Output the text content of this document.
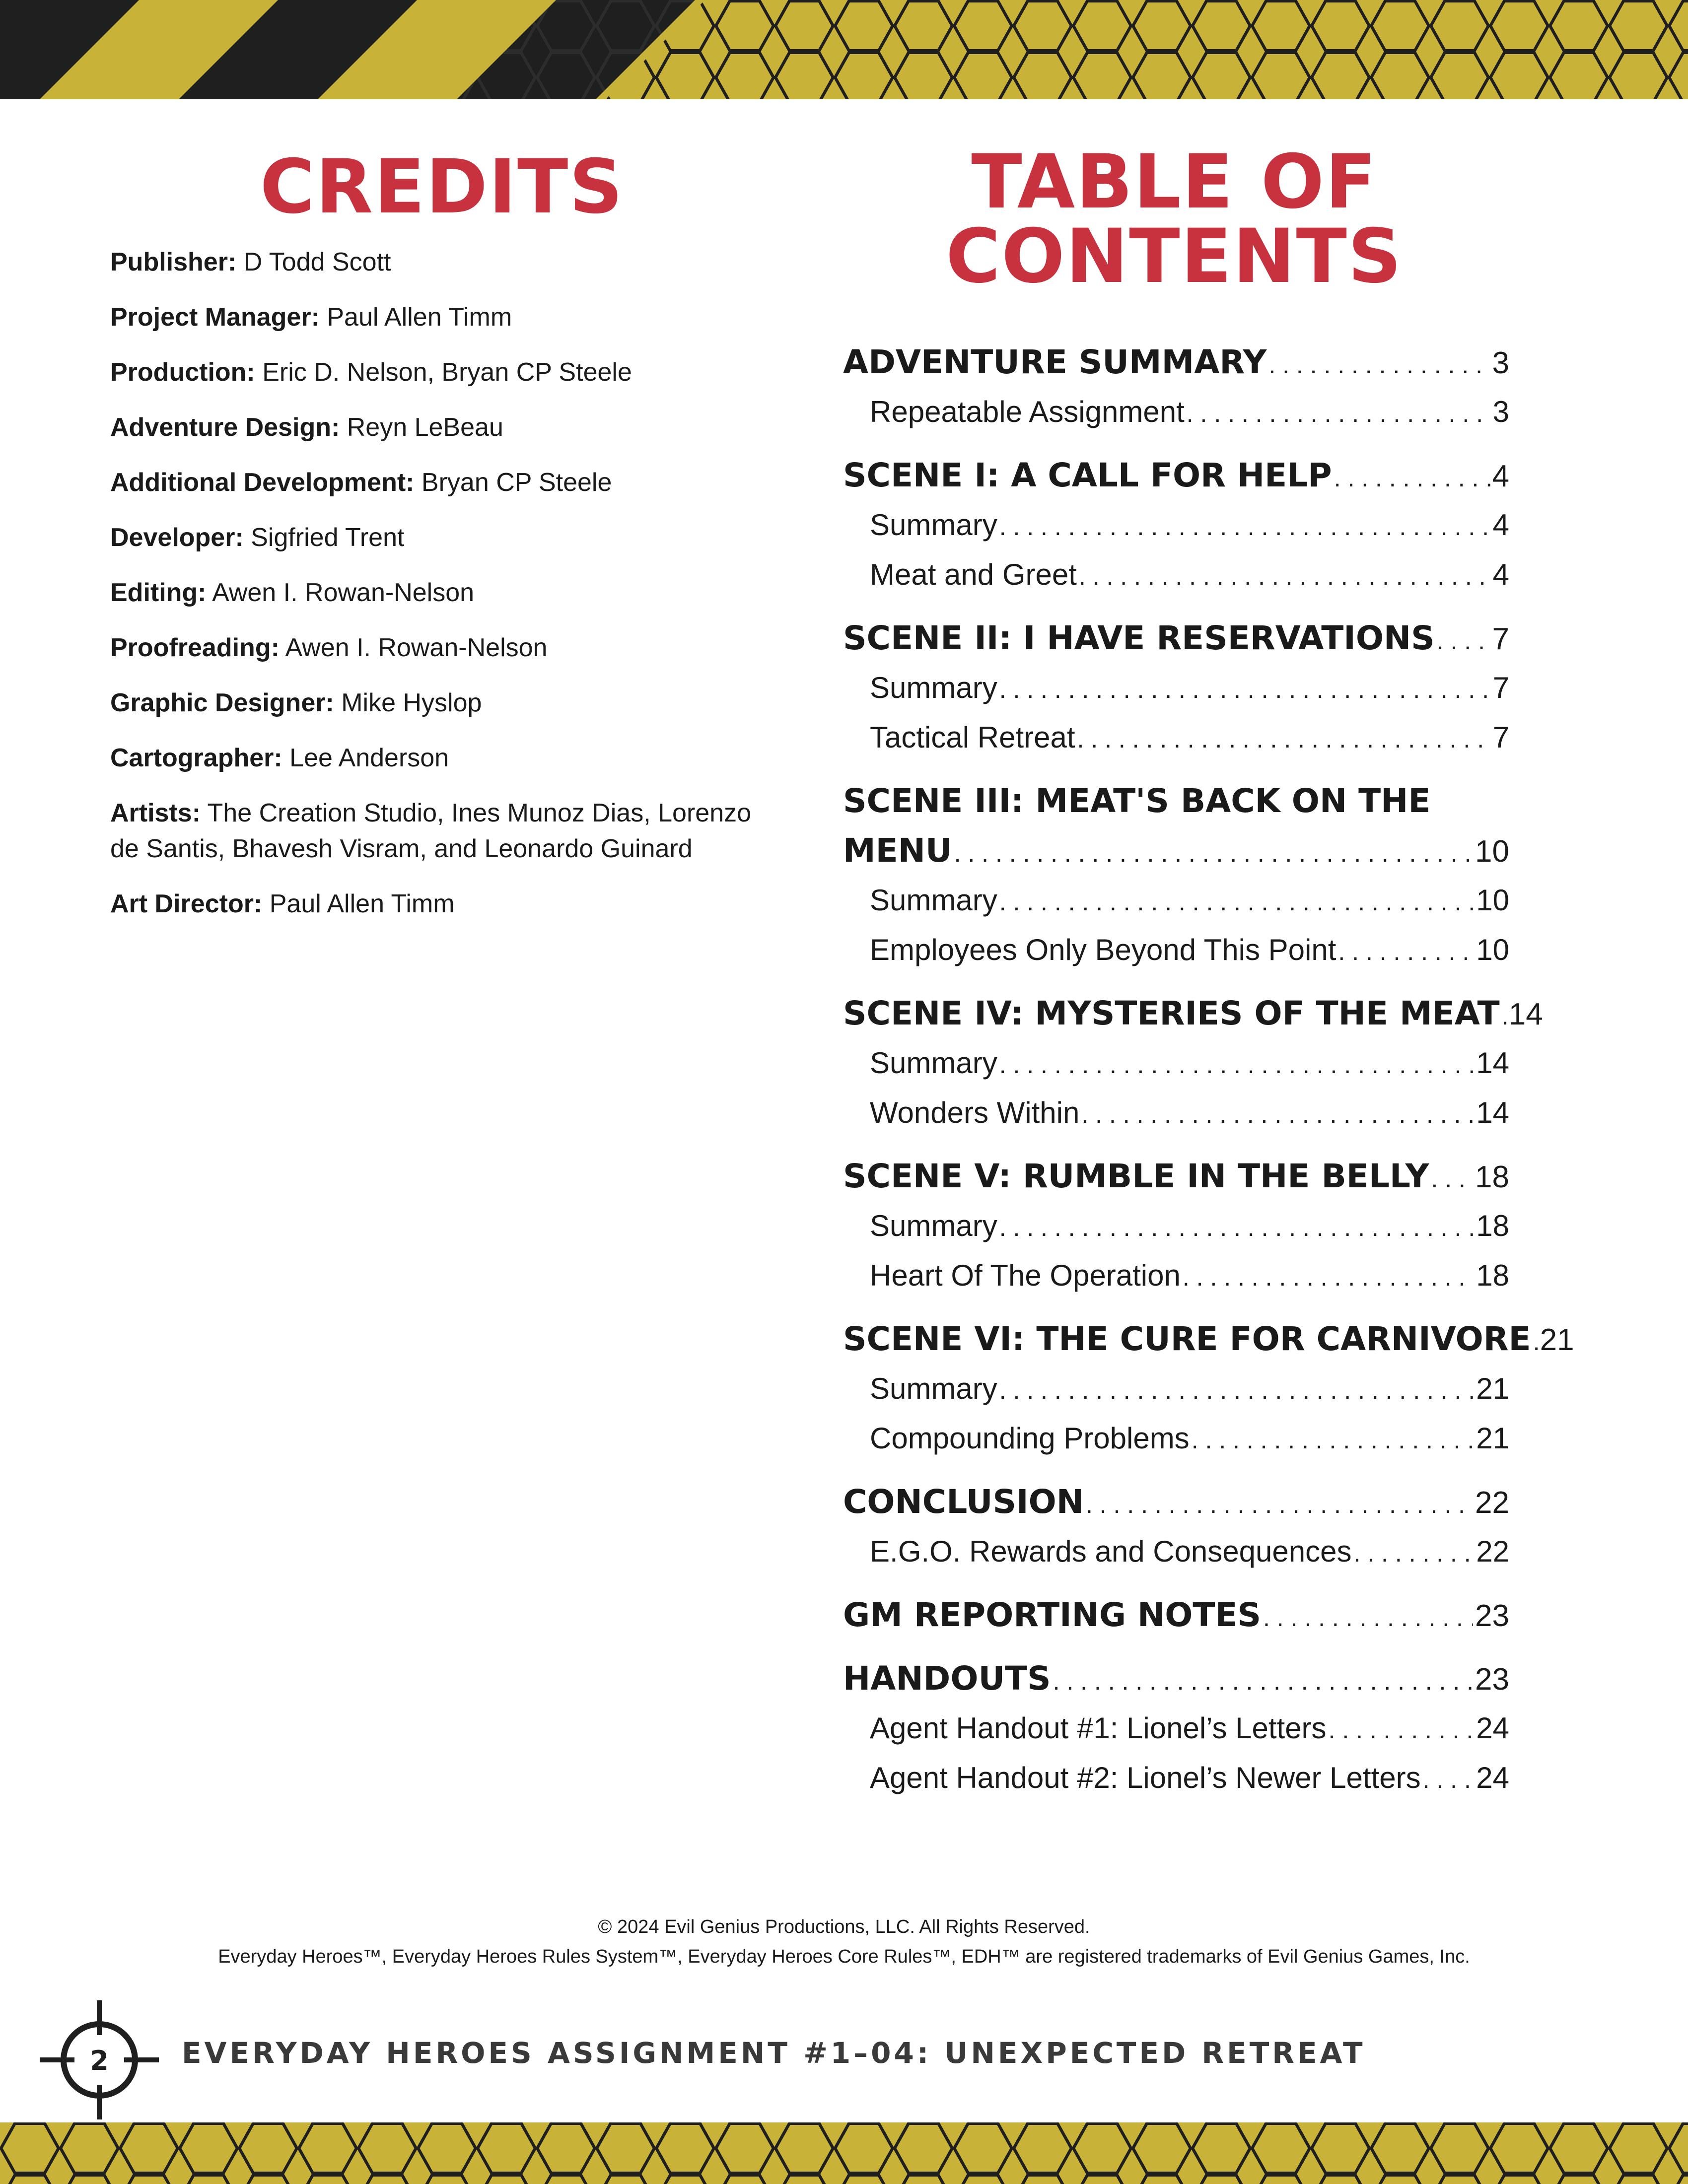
CREDITS
Publisher: D Todd Scott
Project Manager: Paul Allen Timm
Production: Eric D. Nelson, Bryan CP Steele
Adventure Design: Reyn LeBeau
Additional Development: Bryan CP Steele
Developer: Sigfried Trent
Editing: Awen I. Rowan-Nelson
Proofreading: Awen I. Rowan-Nelson
Graphic Designer: Mike Hyslop
Cartographer: Lee Anderson
Artists: The Creation Studio, Ines Munoz Dias, Lorenzo de Santis, Bhavesh Visram, and Leonardo Guinard
Art Director: Paul Allen Timm
TABLE OF
CONTENTS
ADVENTURE SUMMARY . . .	3
Repeatable Assignment . . .	3
SCENE I: A CALL FOR HELP . . .	4
Summary . . .	4
Meat and Greet . . .	4
SCENE II: I HAVE RESERVATIONS . . . 7
Summary . . .	7
Tactical Retreat . . .	7
SCENE III: MEAT'S BACK ON THE
MENU . . .	10
Summary . . .	10
Employees Only Beyond This Point . . .	10
SCENE IV: MYSTERIES OF THE MEAT . . . 14
Summary . . .	14
Wonders Within . . .	14
SCENE V: RUMBLE IN THE BELLY . . . 18
Summary . . .	18
Heart Of The Operation . . .	18
SCENE VI: THE CURE FOR CARNIVORE . . . 21
Summary . . .	21
Compounding Problems . . .	21
CONCLUSION . . .	22
E.G.O. Rewards and Consequences . . .	22
GM REPORTING NOTES . . .	23
HANDOUTS . . .	23
Agent Handout #1: Lionel’s Letters . . .	24
Agent Handout #2: Lionel’s Newer Letters . . . 24

© 2024 Evil Genius Productions, LLC. All Rights Reserved.

Everyday Heroes™, Everyday Heroes Rules System™, Everyday Heroes Core Rules™, EDH™ are registered trademarks of Evil Genius Games, Inc.

2	EVERYDAY HEROES ASSIGNMENT #1–04: UNEXPECTED RETREAT
